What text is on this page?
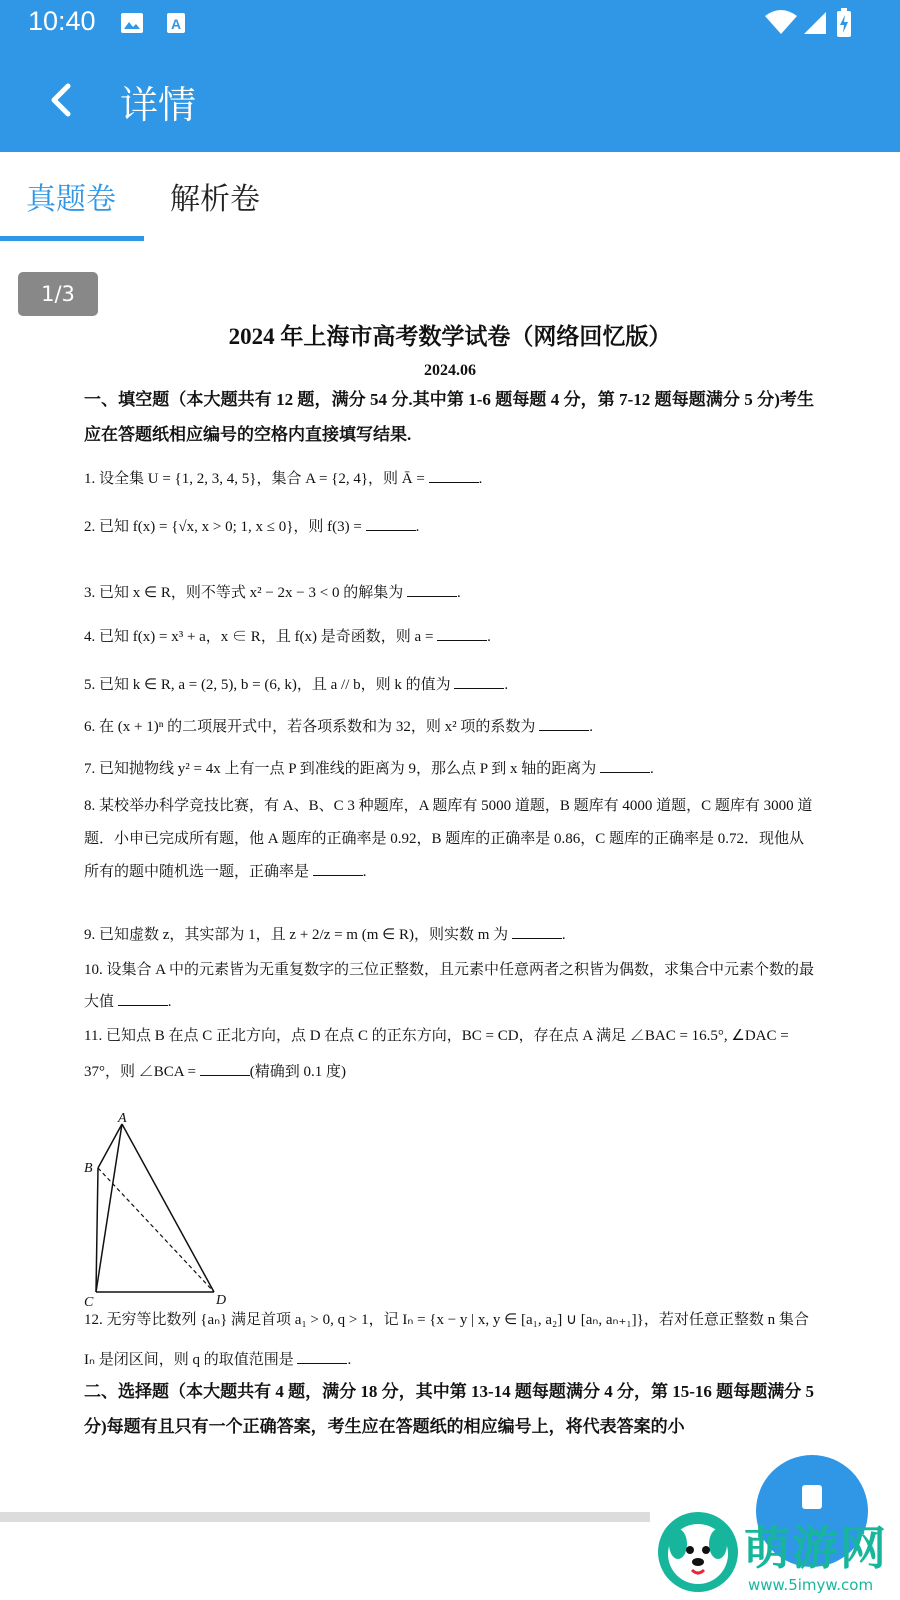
10:40	A
详情
真题卷 解析卷
2024 年上海市高考数学试卷（网络回忆版）
2024.06
一、填空题（本大题共有 12 题，满分 54 分.其中第 1-6 题每题 4 分，第 7-12 题每题满分 5 分)考生应在答题纸相应编号的空格内直接填写结果.
1. 设全集 U = {1, 2, 3, 4, 5}，集合 A = {2, 4}，则 Ā =	.
2. 已知 f(x) = {√x, x > 0; 1, x ≤ 0}，则 f(3) =	.
3. 已知 x ∈ R，则不等式 x² − 2x − 3 < 0 的解集为	.
4. 已知 f(x) = x³ + a，x ∈ R，且 f(x) 是奇函数，则 a =	.
5. 已知 k ∈ R, a = (2, 5), b = (6, k)，且 a // b，则 k 的值为	.
6. 在 (x + 1)ⁿ 的二项展开式中，若各项系数和为 32，则 x² 项的系数为	.
7. 已知抛物线 y² = 4x 上有一点 P 到准线的距离为 9，那么点 P 到 x 轴的距离为	.
8. 某校举办科学竞技比赛，有 A、B、C 3 种题库，A 题库有 5000 道题，B 题库有 4000 道题，C 题库有 3000 道题．小申已完成所有题，他 A 题库的正确率是 0.92，B 题库的正确率是 0.86，C 题库的正确率是 0.72．现他从所有的题中随机选一题，正确率是	.
9. 已知虚数 z，其实部为 1，且 z + 2/z = m (m ∈ R)，则实数 m 为	.
10. 设集合 A 中的元素皆为无重复数字的三位正整数，且元素中任意两者之积皆为偶数，求集合中元素个数的最大值	.
11. 已知点 B 在点 C 正北方向，点 D 在点 C 的正东方向，BC = CD，存在点 A 满足 ∠BAC = 16.5°, ∠DAC = 37°，则 ∠BCA =	(精确到 0.1 度)
A
B
C	D
12. 无穷等比数列 {aₙ} 满足首项 a₁ > 0, q > 1，记 Iₙ = {x − y | x, y ∈ [a₁, a₂] ∪ [aₙ, aₙ₊₁]}，若对任意正整数 n 集合 Iₙ 是闭区间，则 q 的取值范围是	.
二、选择题（本大题共有 4 题，满分 18 分，其中第 13-14 题每题满分 4 分，第 15-16 题每题满分 5 分)每题有且只有一个正确答案，考生应在答题纸的相应编号上，将代表答案的小
1/3
萌游网
www.5imyw.com
